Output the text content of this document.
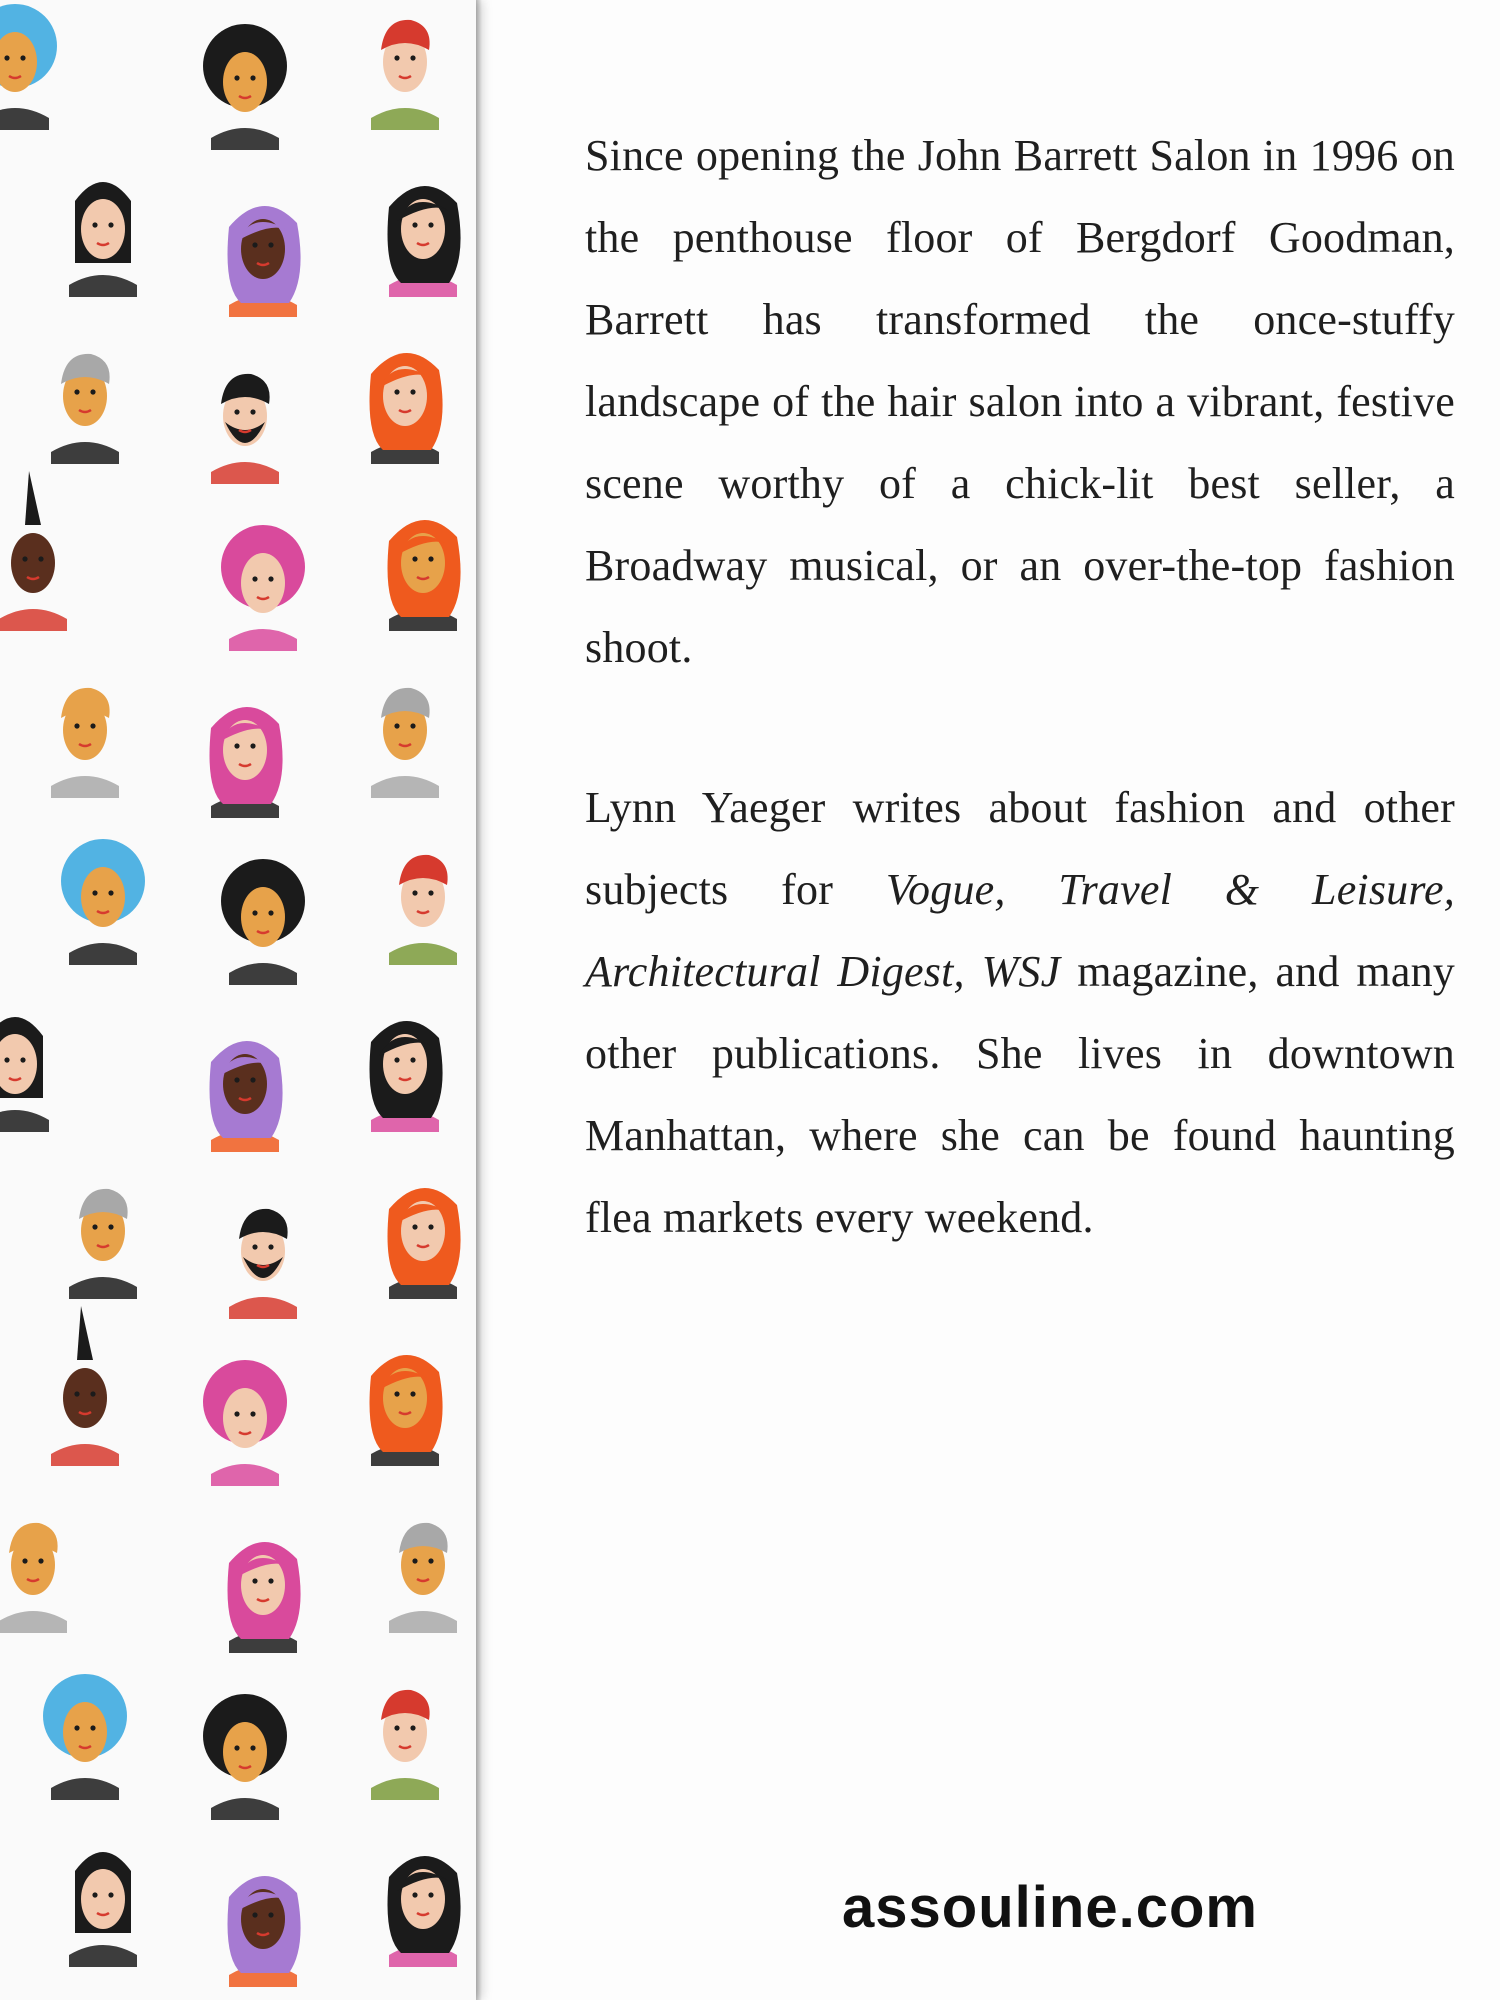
Since opening the John Barrett Salon in 1996 on the penthouse floor of Bergdorf Goodman, Barrett has transformed the once-stuffy landscape of the hair salon into a vibrant, festive scene worthy of a chick-lit best seller, a Broadway musical, or an over-the-top fashion shoot.

Lynn Yaeger writes about fashion and other subjects for Vogue, Travel & Leisure, Architectural Digest, WSJ magazine, and many other publications. She lives in downtown Manhattan, where she can be found haunting flea markets every weekend.

assouline.com
